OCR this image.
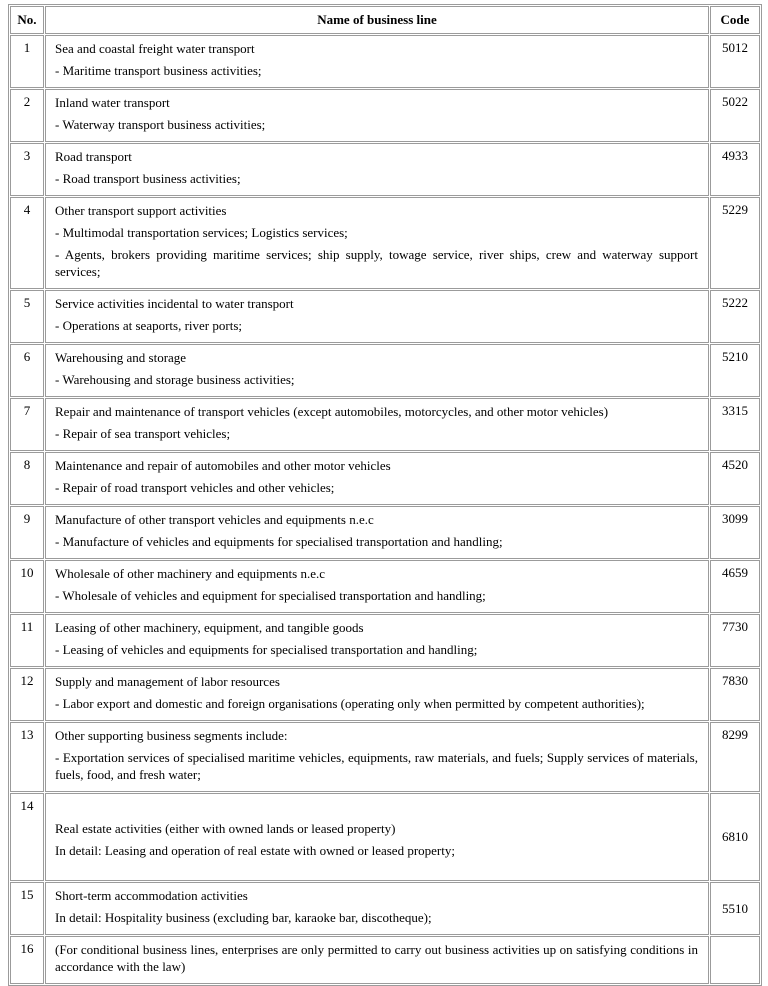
No.	Name of business line	Code
1	Sea and coastal freight water transport

- Maritime transport business activities;	5012
2	Inland water transport

- Waterway transport business activities;	5022
3	Road transport

- Road transport business activities;	4933
4	Other transport support activities

- Multimodal transportation services; Logistics services;

- Agents, brokers providing maritime services; ship supply, towage service, river ships, crew and waterway support services;	5229
5	Service activities incidental to water transport

- Operations at seaports, river ports;	5222
6	Warehousing and storage

- Warehousing and storage business activities;	5210
7	Repair and maintenance of transport vehicles (except automobiles, motorcycles, and other motor vehicles)

- Repair of sea transport vehicles;	3315
8	Maintenance and repair of automobiles and other motor vehicles

- Repair of road transport vehicles and other vehicles;	4520
9	Manufacture of other transport vehicles and equipments n.e.c

- Manufacture of vehicles and equipments for specialised transportation and handling;	3099
10	Wholesale of other machinery and equipments n.e.c

- Wholesale of vehicles and equipment for specialised transportation and handling;	4659
11	Leasing of other machinery, equipment, and tangible goods

- Leasing of vehicles and equipments for specialised transportation and handling;	7730
12	Supply and management of labor resources

- Labor export and domestic and foreign organisations (operating only when permitted by competent authorities);	7830
13	Other supporting business segments include:

- Exportation services of specialised maritime vehicles, equipments, raw materials, and fuels; Supply services of materials, fuels, food, and fresh water;	8299
14	Real estate activities (either with owned lands or leased property)

In detail: Leasing and operation of real estate with owned or leased property;	6810
15	Short-term accommodation activities

In detail: Hospitality business (excluding bar, karaoke bar, discotheque);	5510
16	(For conditional business lines, enterprises are only permitted to carry out business activities up on satisfying conditions in accordance with the law)	
